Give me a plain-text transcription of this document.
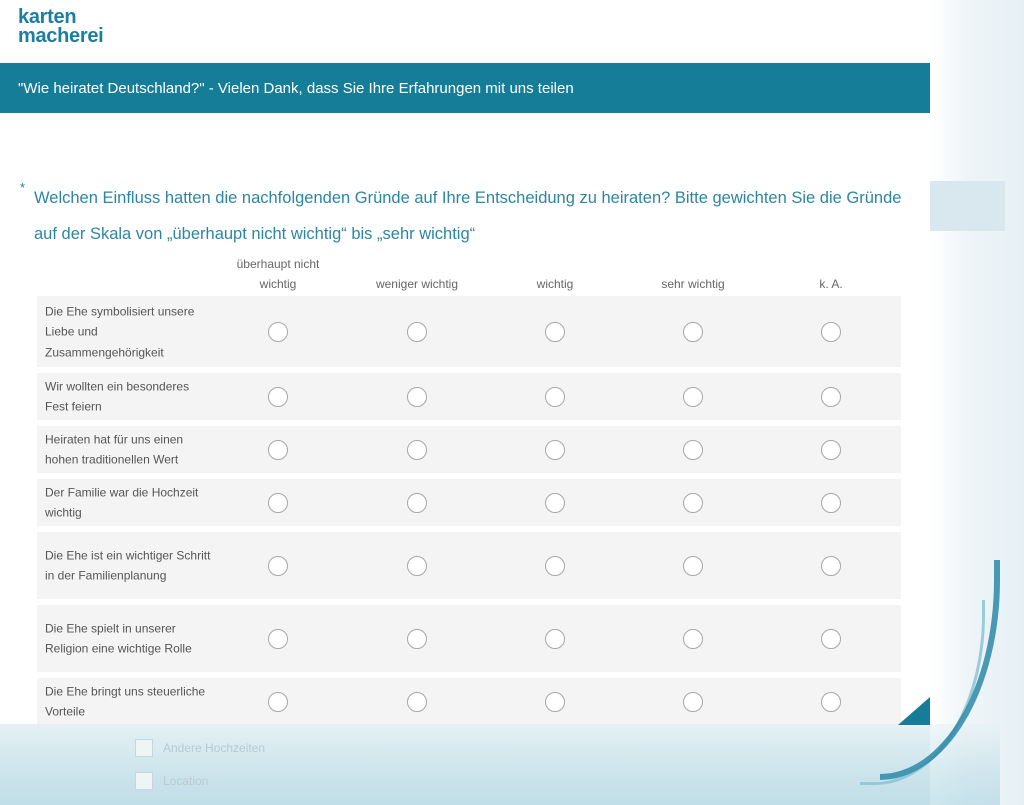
Andere Hochzeiten
Location
karten
macherei
"Wie heiratet Deutschland?" - Vielen Dank, dass Sie Ihre Erfahrungen mit uns teilen
*
Welchen Einfluss hatten die nachfolgenden Gründe auf Ihre Entscheidung zu heiraten? Bitte gewichten Sie die Gründe auf der Skala von „überhaupt nicht wichtig“ bis „sehr wichtig“
überhaupt nicht wichtig	weniger wichtig	wichtig	sehr wichtig	k. A.
Die Ehe symbolisiert unsere Liebe und Zusammengehörigkeit
Wir wollten ein besonderes Fest feiern
Heiraten hat für uns einen hohen traditionellen Wert
Der Familie war die Hochzeit wichtig
Die Ehe ist ein wichtiger Schritt in der Familienplanung
Die Ehe spielt in unserer Religion eine wichtige Rolle
Die Ehe bringt uns steuerliche Vorteile
